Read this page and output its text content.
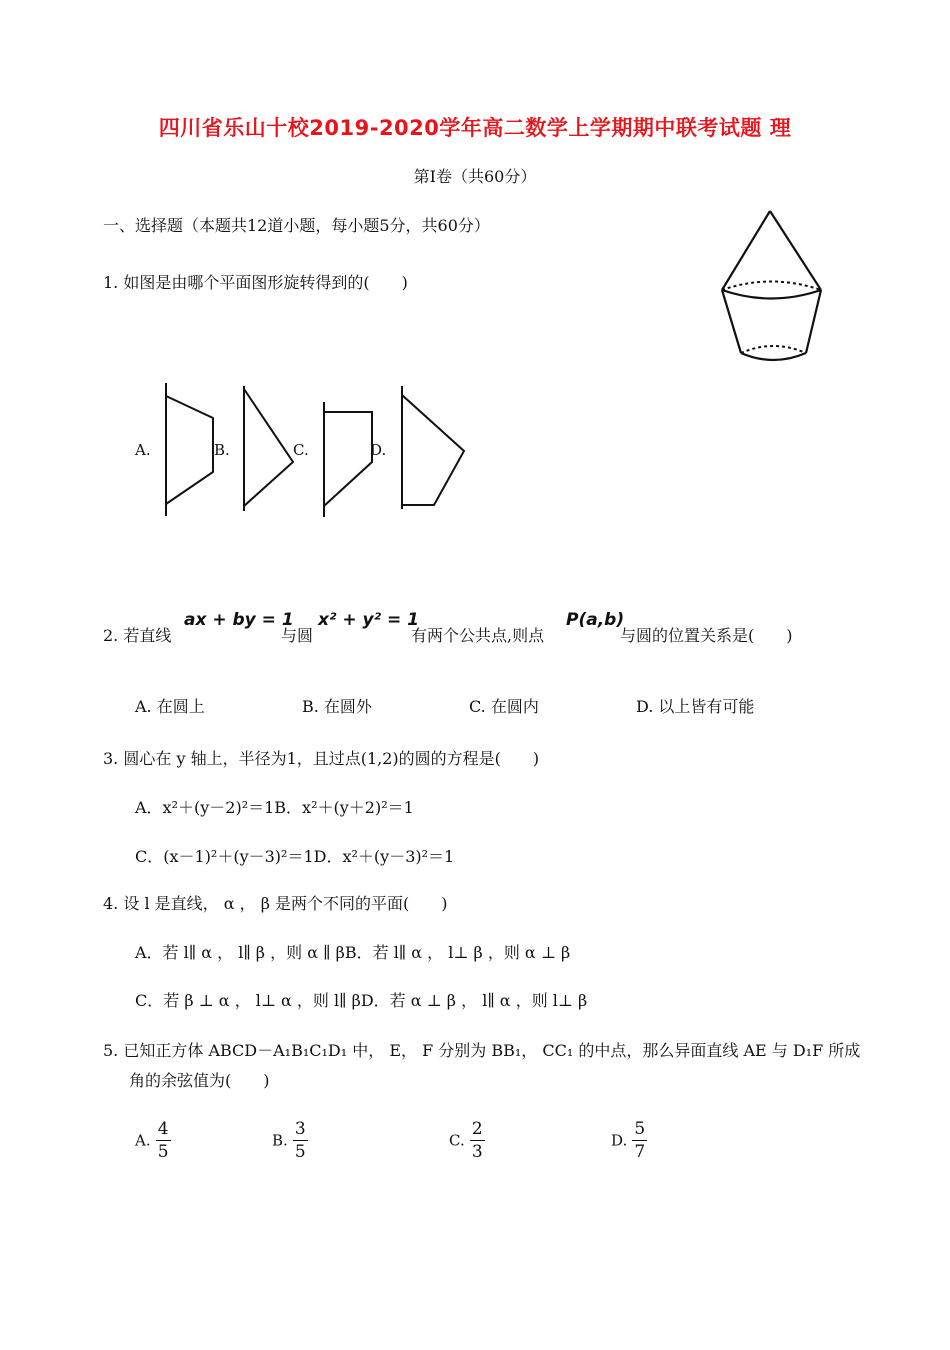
四川省乐山十校2019-2020学年高二数学上学期期中联考试题 理
第Ⅰ卷（共60分）
一、选择题（本题共12道小题，每小题5分，共60分）
1. 如图是由哪个平面图形旋转得到的(　　)
A.	B.	C.	D.
2. 若直线
ax + by = 1
与圆
x² + y² = 1
有两个公共点,则点
P(a,b)
与圆的位置关系是(　　)
A. 在圆上	B. 在圆外	C. 在圆内	D. 以上皆有可能
3. 圆心在 y 轴上，半径为1，且过点(1,2)的圆的方程是(　　)
A．x²＋(y－2)²＝1B．x²＋(y＋2)²＝1
C．(x－1)²＋(y－3)²＝1D．x²＋(y－3)²＝1
4. 设 l 是直线， α ， β 是两个不同的平面(　　)
A．若 l∥ α ， l∥ β ，则 α ∥ βB．若 l∥ α ， l⊥ β ，则 α ⊥ β
C．若 β ⊥ α ， l⊥ α ，则 l∥ βD．若 α ⊥ β ， l∥ α ，则 l⊥ β
5. 已知正方体 ABCD－A₁B₁C₁D₁ 中， E， F 分别为 BB₁， CC₁ 的中点，那么异面直线 AE 与 D₁F 所成
角的余弦值为(　　)
A. $\frac{4}{5}$	B. $\frac{3}{5}$	C. $\frac{2}{3}$	D. $\frac{5}{7}$
